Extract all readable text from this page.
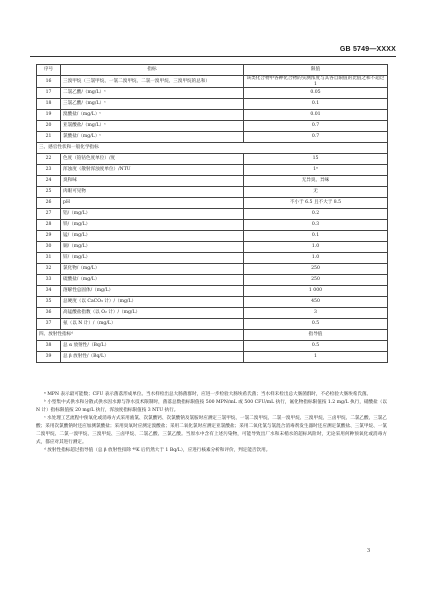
GB 5749—XXXX
序号	指标	限值
16	三溴甲烷（三氯甲烷、一氯二溴甲烷、二氯一溴甲烷、三溴甲烷的总和）	该类化合物中各种化合物的实测浓度与其各自限值的比值之和不超过 1
17	二氯乙酸/（mg/L）ᶜ	0.05
18	三氯乙酸/（mg/L）ᶜ	0.1
19	溴酸盐/（mg/L）ᶜ	0.01
20	亚氯酸盐/（mg/L）ᶜ	0.7
21	氯酸盐/（mg/L）ᶜ	0.7
三、感官性状和一般化学指标		
22	色度（铂钴色度单位）/度	15
23	浑浊度（散射浑浊度单位）/NTU	1ᵃ
24	臭和味	无异臭、异味
25	肉眼可见物	无
26	pH	不小于 6.5 且不大于 8.5
27	铝/（mg/L）	0.2
28	铁/（mg/L）	0.3
29	锰/（mg/L）	0.1
30	铜/（mg/L）	1.0
31	锌/（mg/L）	1.0
32	氯化物/（mg/L）	250
33	硫酸盐/（mg/L）	250
34	溶解性总固体/（mg/L）	1 000
35	总硬度（以 CaCO₃ 计）/（mg/L）	450
36	高锰酸盐指数（以 O₂ 计）/（mg/L）	3
37	氨（以 N 计）/（mg/L）	0.5
四、放射性指标ᵈ		指导值
38	总 α 放射性/（Bq/L）	0.5
39	总 β 放射性/（Bq/L）	1

ᵃ MPN 表示最可能数；CFU 表示菌落形成单位。当水样检出总大肠菌群时，应进一步检验大肠埃希氏菌；当水样未检出总大肠菌群时，不必检验大肠埃希氏菌。

ᵇ 小型集中式供水和分散式供水因水源与净水技术限制时，菌落总数指标限值按 500 MPN/mL 或 500 CFU/mL 执行，氟化物指标限值按 1.2 mg/L 执行，硝酸盐（以 N 计）指标限值按 20 mg/L 执行，浑浊度指标限值按 3 NTU 执行。

ᶜ 水处理工艺流程中预氧化或消毒方式采用液氯、次氯酸钙、次氯酸钠及氯胺时应测定三氯甲烷、一氯二溴甲烷、二氯一溴甲烷、三溴甲烷、三卤甲烷、二氯乙酸、三氯乙酸；采用次氯酸钠时还应加测氯酸盐；采用臭氧时应测定溴酸盐；采用二氧化氯时应测定亚氯酸盐；采用二氧化氯与氯混合消毒剂发生器时还应测定氯酸盐、三氯甲烷、一氯二溴甲烷、二氯一溴甲烷、三溴甲烷、三卤甲烷、二氯乙酸、三氯乙酸。当原水中含有上述污染物，可能导致出厂水和末梢水的超标风险时，无论采用何种预氧化或消毒方式，都应对其进行测定。

ᵈ 放射性指标超过指导值（总 β 放射性扣除 ⁴⁰K 后仍然大于 1 Bq/L），应进行核素分析和评价，判定能否饮用。

3
